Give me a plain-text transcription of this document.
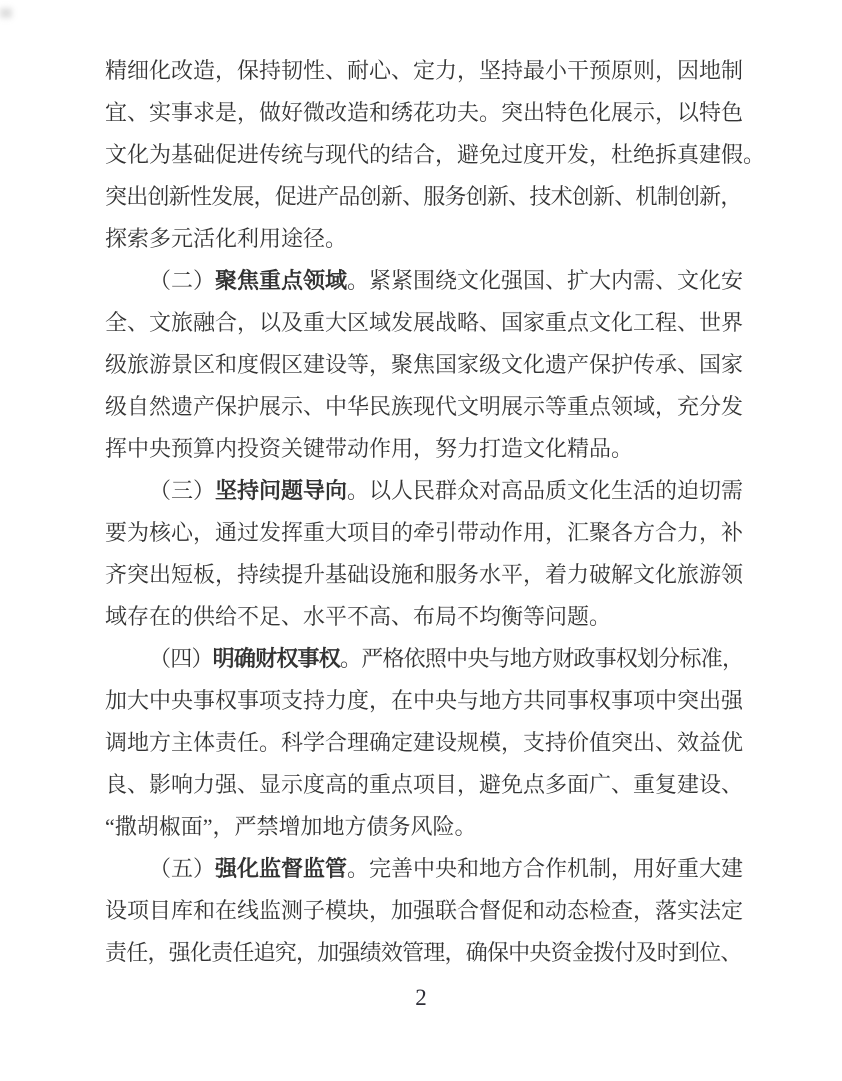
精细化改造，保持韧性、耐心、定力，坚持最小干预原则，因地制
宜、实事求是，做好微改造和绣花功夫。突出特色化展示，以特色
文化为基础促进传统与现代的结合，避免过度开发，杜绝拆真建假。
突出创新性发展，促进产品创新、服务创新、技术创新、机制创新，
探索多元活化利用途径。
（二）聚焦重点领域。紧紧围绕文化强国、扩大内需、文化安
全、文旅融合，以及重大区域发展战略、国家重点文化工程、世界
级旅游景区和度假区建设等，聚焦国家级文化遗产保护传承、国家
级自然遗产保护展示、中华民族现代文明展示等重点领域，充分发
挥中央预算内投资关键带动作用，努力打造文化精品。
（三）坚持问题导向。以人民群众对高品质文化生活的迫切需
要为核心，通过发挥重大项目的牵引带动作用，汇聚各方合力，补
齐突出短板，持续提升基础设施和服务水平，着力破解文化旅游领
域存在的供给不足、水平不高、布局不均衡等问题。
（四）明确财权事权。严格依照中央与地方财政事权划分标准，
加大中央事权事项支持力度，在中央与地方共同事权事项中突出强
调地方主体责任。科学合理确定建设规模，支持价值突出、效益优
良、影响力强、显示度高的重点项目，避免点多面广、重复建设、
“撒胡椒面”，严禁增加地方债务风险。
（五）强化监督监管。完善中央和地方合作机制，用好重大建
设项目库和在线监测子模块，加强联合督促和动态检查，落实法定
责任，强化责任追究，加强绩效管理，确保中央资金拨付及时到位、
2
